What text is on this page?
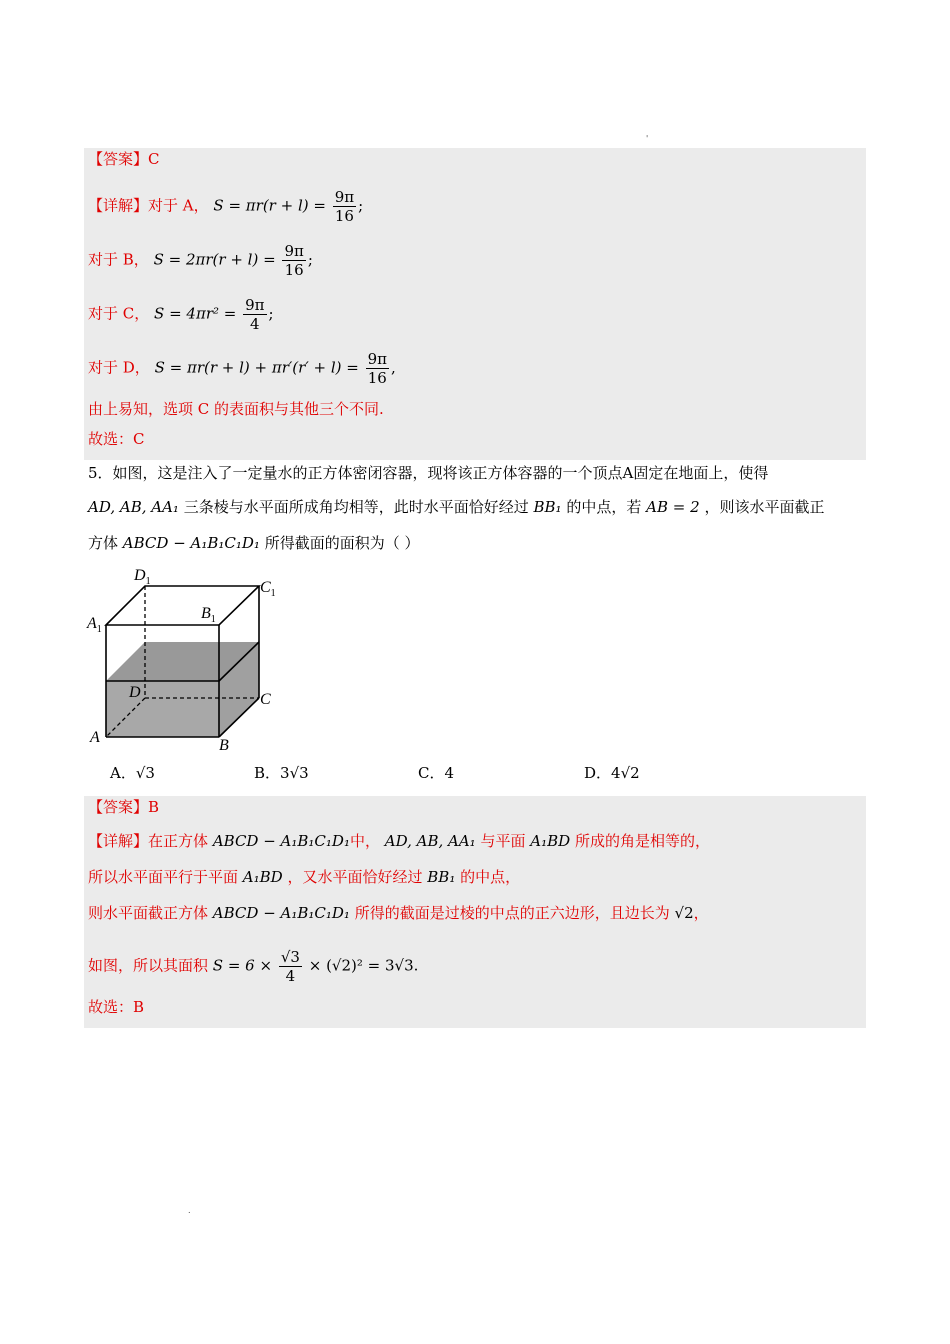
'
.
【答案】C
【详解】对于 A， $S = \pi r(r + l) = \frac{9\pi}{16}$ ;
对于 B， $S = 2\pi r(r + l) = \frac{9\pi}{16}$ ;
对于 C， $S = 4\pi r^2 = \frac{9\pi}{4}$ ;
对于 D， $S = \pi r(r + l) + \pi r'(r' + l) = \frac{9\pi}{16}$ ,
由上易知，选项 C 的表面积与其他三个不同.
故选：C
5．如图，这是注入了一定量水的正方体密闭容器，现将该正方体容器的一个顶点A固定在地面上，使得
AD, AB, AA₁ 三条棱与水平面所成角均相等，此时水平面恰好经过 BB₁ 的中点，若 AB = 2 ，则该水平面截正
方体 ABCD − A₁B₁C₁D₁ 所得截面的面积为（ ）
$D_1$	$C_1$
$A_1$
$B_1$
D	C
A	B
A．√3	B．3√3	C．4	D．4√2
【答案】B
【详解】在正方体 ABCD − A₁B₁C₁D₁中， AD, AB, AA₁ 与平面 A₁BD 所成的角是相等的，
所以水平面平行于平面 A₁BD ，又水平面恰好经过 BB₁ 的中点，
则水平面截正方体 ABCD − A₁B₁C₁D₁ 所得的截面是过棱的中点的正六边形，且边长为 √2，
如图，所以其面积 $S = 6 \times \frac{√3}{4} \times (√2)^2 = 3√3$.
故选：B
